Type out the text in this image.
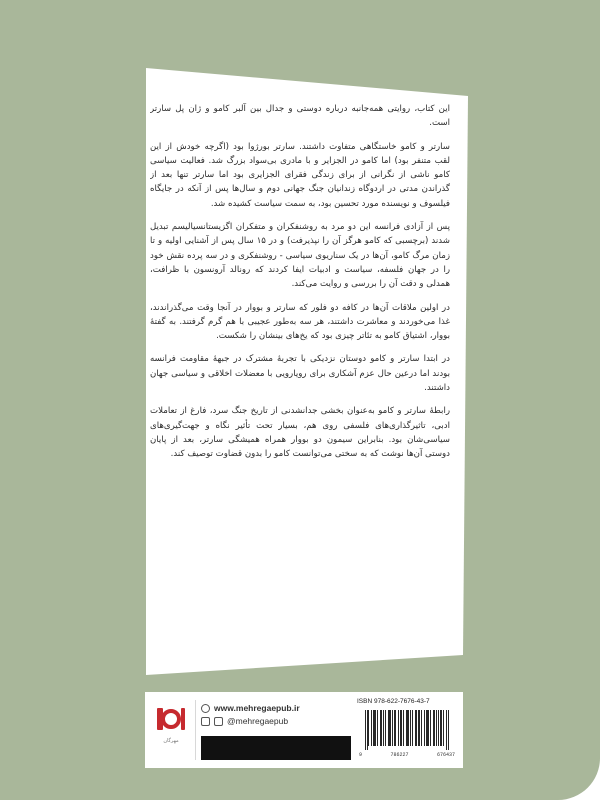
این کتاب، روایتی همه‌جانبه درباره دوستی و جدال بین آلبر کامو و ژان پل سارتر است.

سارتر و کامو خاستگاهی متفاوت داشتند. سارتر بورژوا بود (اگرچه خودش از این لقب متنفر بود) اما کامو در الجزایر و با مادری بی‌سواد بزرگ شد. فعالیت سیاسی کامو ناشی از نگرانی از برای زندگی فقرای الجزایری بود اما سارتر تنها بعد از گذراندن مدتی در اردوگاه زندانیان جنگ جهانی دوم و سال‌ها پس از آنکه در جایگاه فیلسوف و نویسنده مورد تحسین بود، به سمت سیاست کشیده شد.

پس از آزادی فرانسه این دو مرد به روشنفکران و متفکران اگزیستانسیالیسم تبدیل شدند (برچسبی که کامو هرگز آن را نپذیرفت) و در ۱۵ سال پس از آشنایی اولیه و تا زمان مرگ کامو، آن‌ها در یک سناریوی سیاسی - روشنفکری و در سه پرده نقش خود را در جهان فلسفه، سیاست و ادبیات ایفا کردند که رونالد آرونسون با ظرافت، همدلی و دقت آن را بررسی و روایت می‌کند.

در اولین ملاقات آن‌ها در کافه دو فلور که سارتر و بووار در آنجا وقت می‌گذراندند، غذا می‌خوردند و معاشرت داشتند، هر سه به‌طور عجیبی با هم گرم گرفتند. به گفتهٔ بووار، اشتیاق کامو به تئاتر چیزی بود که یخ‌های بینشان را شکست.

در ابتدا سارتر و کامو دوستان نزدیکی با تجربهٔ مشترک در جبههٔ مقاومت فرانسه بودند اما درعین حال عزم آشکاری برای رویارویی با معضلات اخلاقی و سیاسی جهان داشتند.

رابطهٔ سارتر و کامو به‌عنوان بخشی جدانشدنی از تاریخ جنگ سرد، فارغ از تعاملات ادبی، تاثیرگذاری‌های فلسفی روی هم، بسیار تحت تأثیر نگاه و جهت‌گیری‌های سیاسی‌شان بود. بنابراین سیمون دو بووار همراه همیشگی سارتر، بعد از پایان دوستی آن‌ها نوشت که به سختی می‌توانست کامو را بدون قضاوت توصیف کند.

مهرگان
www.mehregaepub.ir
@mehregaepub
ISBN 978-622-7676-43-7
9	786227	676437
